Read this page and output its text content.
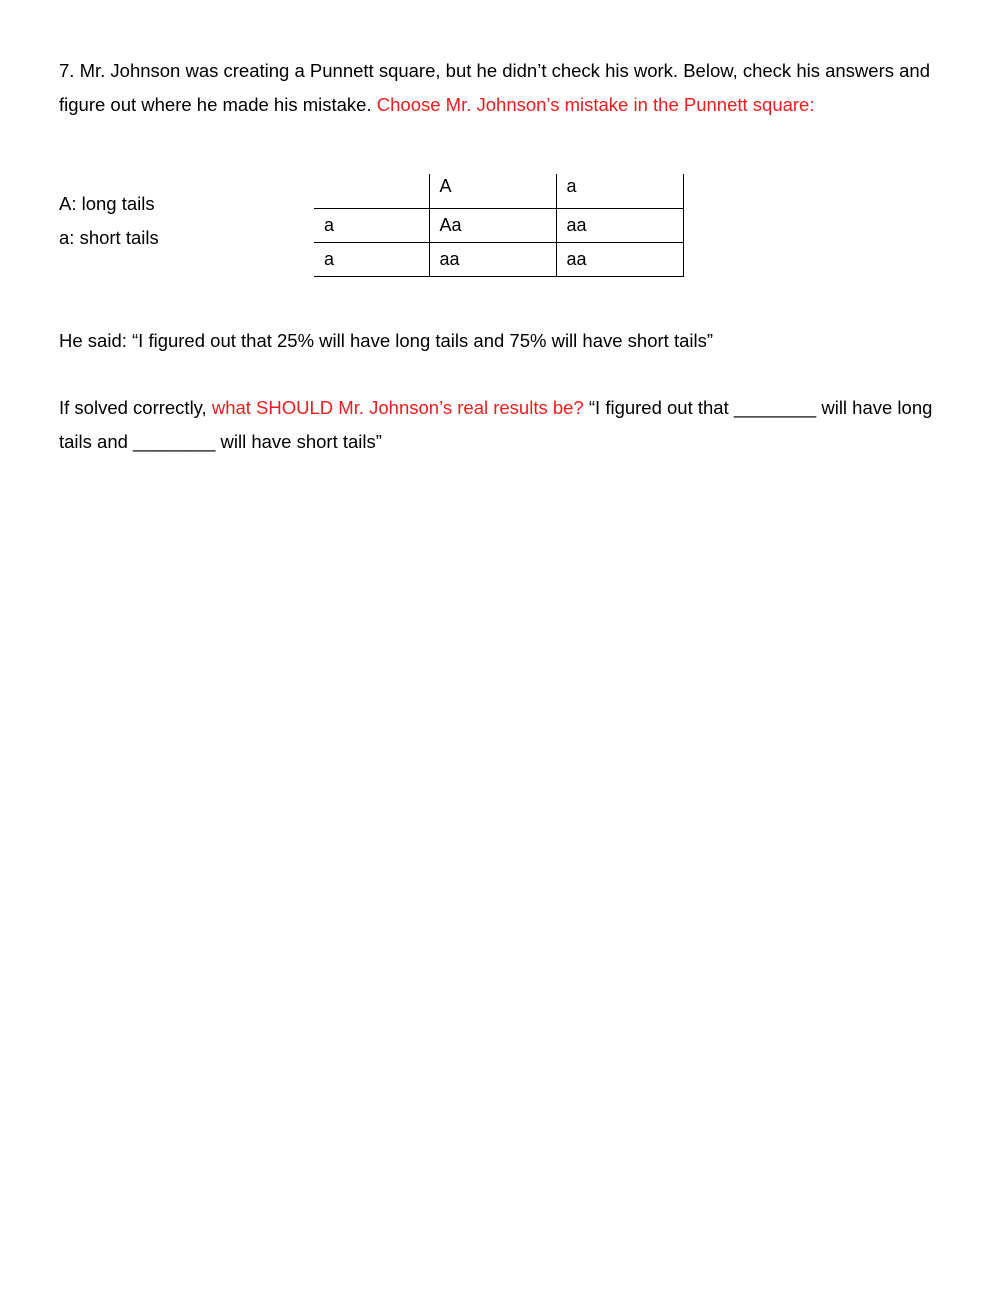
7. Mr. Johnson was creating a Punnett square, but he didn’t check his work. Below, check his answers and figure out where he made his mistake. Choose Mr. Johnson’s mistake in the Punnett square:

A: long tails

a: short tails

	A	a
a	Aa	aa
a	aa	aa

He said: “I figured out that 25% will have long tails and 75% will have short tails”

If solved correctly, what SHOULD Mr. Johnson’s real results be? “I figured out that ________ will have long tails and ________ will have short tails”
